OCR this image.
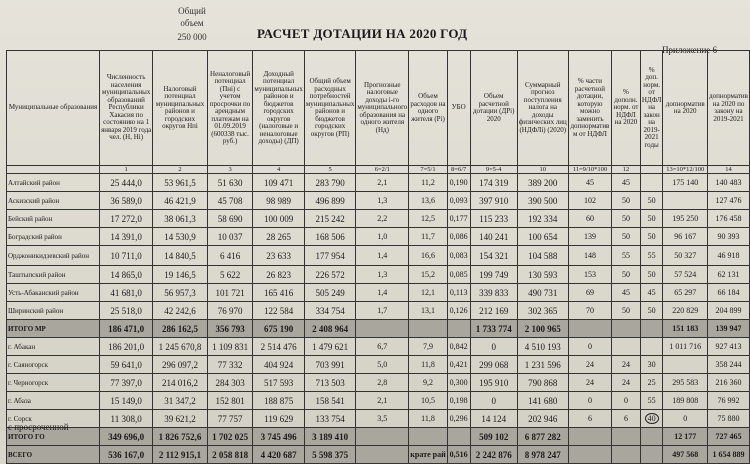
Общий
объем
250 000	РАСЧЕТ ДОТАЦИИ НА 2020 ГОД
Приложение 6
Муниципальные образования	Численность населения муниципальных образований Республики Хакасия по состоянию на 1 января 2019 года чел. (Н, Ні)	Налоговый потенциал муниципальных районов и городских округов Нпі	Неналоговый потенциал (Пні) с учетом просрочки по арендным платежам на 01.09.2019 (600338 тыс. руб.)	Доходный потенциал муниципальных районов и бюджетов городских округов (налоговые и неналоговые доходы) (ДП)	Общий объем расходных потребностей муниципальных районов и бюджетов городских округов (РП)	Прогнозные налоговые доходы і-го муниципального образования на одного жителя (Нд)	Объем расходов на одного жителя (Рі)	УБО	Объем расчетной дотации (ДРі) 2020	Суммарный прогноз поступления налога на доходы физических лиц (НДФЛі) (2020)	% части расчетной дотации, которую можно заменить допнорматив м от НДФЛ	% дополн. норм. от НДФЛ на 2020	% доп. норм. от НДФЛ на закон на 2019-2021 годы	допнорматив на 2020	допнорматив на 2020 по закону на 2019-2021
	1	2	3	4	5	6=2/1	7=5/1	8=6/7	9=5-4	10	11=9/10*100	12		13=10*12/100	14
Алтайский район	25 444,0	53 961,5	51 630	109 471	283 790	2,1	11,2	0,190	174 319	389 200	45	45		175 140	140 483
Аскизский район	36 589,0	46 421,9	45 708	98 989	496 899	1,3	13,6	0,093	397 910	390 500	102	50	50		127 476
Бейский район	17 272,0	38 061,3	58 690	100 009	215 242	2,2	12,5	0,177	115 233	192 334	60	50	50	195 250	176 458
Боградский район	14 391,0	14 530,9	10 037	28 265	168 506	1,0	11,7	0,086	140 241	100 654	139	50	50	96 167	90 393
Орджоникидзевский район	10 711,0	14 840,5	6 416	23 633	177 954	1,4	16,6	0,083	154 321	104 588	148	55	55	50 327	46 918
Таштыпский район	14 865,0	19 146,5	5 622	26 823	226 572	1,3	15,2	0,085	199 749	130 593	153	50	50	57 524	62 131
Усть-Абаканский район	41 681,0	56 957,3	101 721	165 416	505 249	1,4	12,1	0,113	339 833	490 731	69	45	45	65 297	66 184
Ширинский район	25 518,0	42 242,6	76 970	122 584	334 754	1,7	13,1	0,126	212 169	302 365	70	50	50	220 829	204 899
ИТОГО МР	186 471,0	286 162,5	356 793	675 190	2 408 964				1 733 774	2 100 965				151 183	139 947
г. Абакан	186 201,0	1 245 670,8	1 109 831	2 514 476	1 479 621	6,7	7,9	0,842	0	4 510 193	0			1 011 716	927 413
г. Саяногорск	59 641,0	296 097,2	77 332	404 924	703 991	5,0	11,8	0,421	299 068	1 231 596	24	24	30		358 244
г. Черногорск	77 397,0	214 016,2	284 303	517 593	713 503	2,8	9,2	0,300	195 910	790 868	24	24	25	295 583	216 360
г. Абаза	15 149,0	31 347,2	152 801	188 875	158 541	2,1	10,5	0,198	0	141 680	0	0	55	189 808	76 992
г. Сорск	11 308,0	39 621,2	77 757	119 629	133 754	3,5	11,8	0,296	14 124	202 946	6	6	40	0	75 880
ИТОГО ГО	349 696,0	1 826 752,6	1 702 025	3 745 496	3 189 410				509 102	6 877 282				12 177	727 465
ВСЕГО	536 167,0	2 112 915,1	2 058 818	4 420 687	5 598 375		крате рай	0,516	2 242 876	8 978 247				497 568	1 654 889
с просроченной
